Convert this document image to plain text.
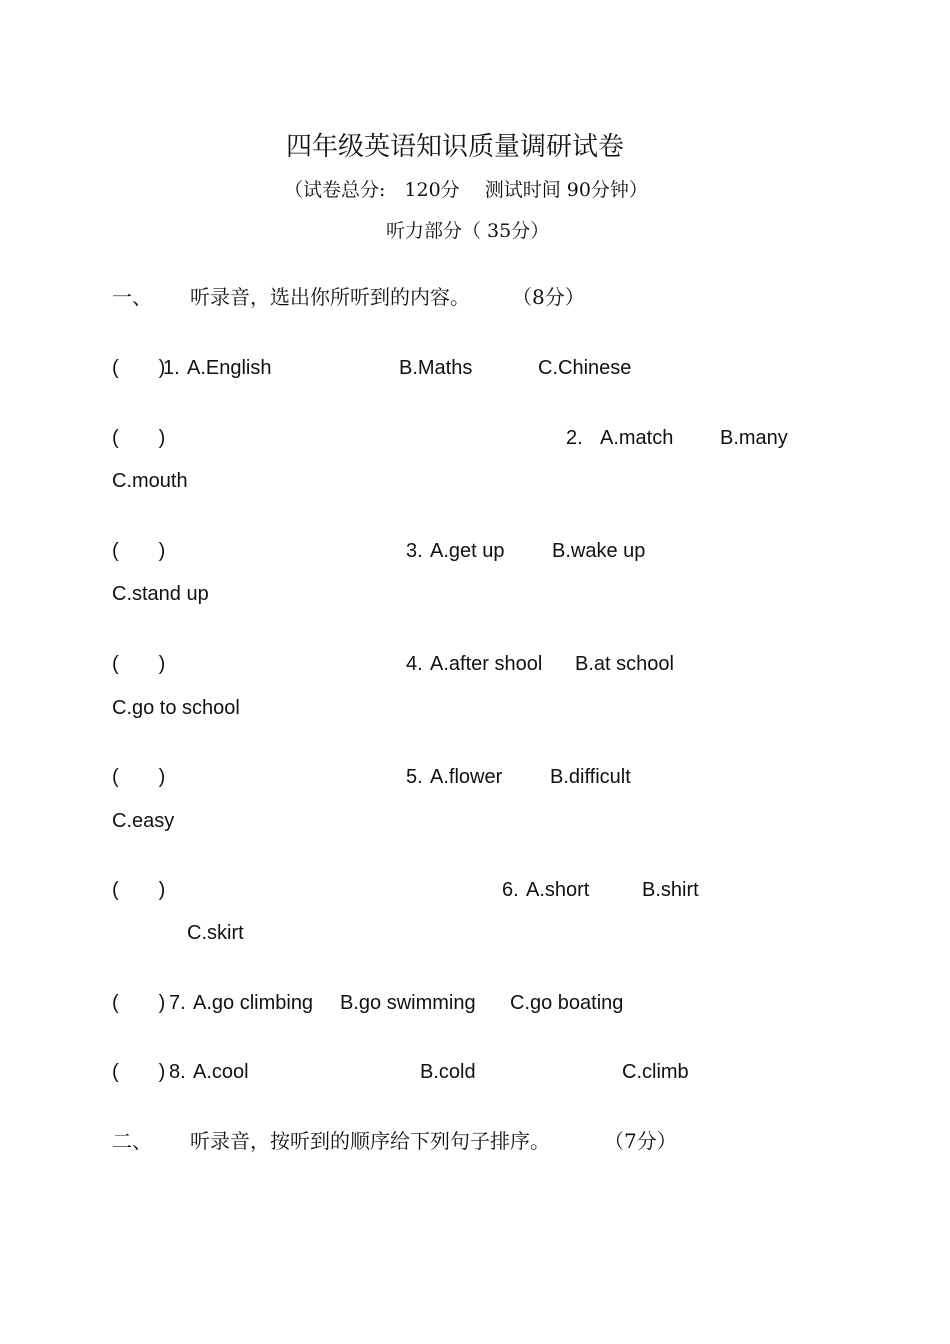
四年级英语知识质量调研试卷
（试卷总分:　120分　 测试时间 90分钟）
听力部分（ 35分）
一、 听录音，选出你所听到的内容。 （8分）
(　　)
1. A.English	B.Maths	C.Chinese
(　　)	2. A.match B.many
C.mouth
(　　)	3. A.get up B.wake up
C.stand up
(　　)	4. A.after shool B.at school
C.go to school
(　　)	5. A.flower B.difficult
C.easy
(　　)	6. A.short	B.shirt
C.skirt
(　　) 7. A.go climbing B.go swimming C.go boating
(　　) 8. A.cool	B.cold	C.climb
二、 听录音，按听到的顺序给下列句子排序。	（7分）
